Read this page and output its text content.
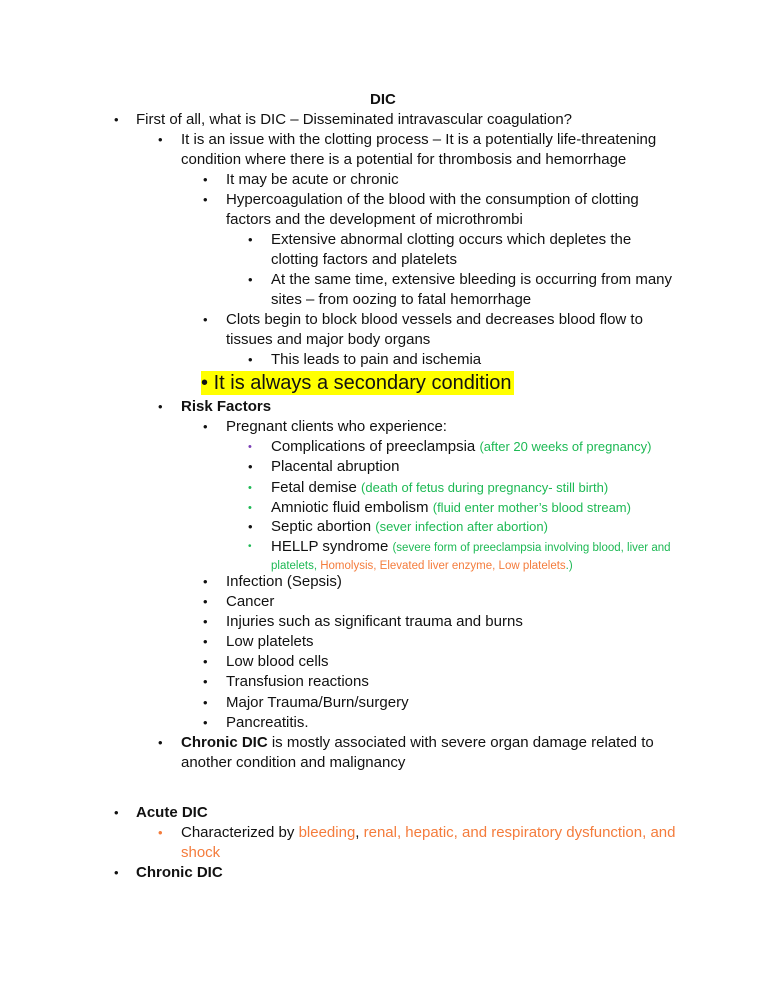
DIC
• First of all, what is DIC – Disseminated intravascular coagulation?
• It is an issue with the clotting process – It is a potentially life-threatening
condition where there is a potential for thrombosis and hemorrhage
• It may be acute or chronic
• Hypercoagulation of the blood with the consumption of clotting
factors and the development of microthrombi
• Extensive abnormal clotting occurs which depletes the
clotting factors and platelets
• At the same time, extensive bleeding is occurring from many
sites – from oozing to fatal hemorrhage
• Clots begin to block blood vessels and decreases blood flow to
tissues and major body organs
• This leads to pain and ischemia
• It is always a secondary condition
• Risk Factors
• Pregnant clients who experience:
• Complications of preeclampsia (after 20 weeks of pregnancy)
• Placental abruption
• Fetal demise (death of fetus during pregnancy- still birth)
• Amniotic fluid embolism (fluid enter mother’s blood stream)
• Septic abortion (sever infection after abortion)
• HELLP syndrome (severe form of preeclampsia involving blood, liver and
platelets, Homolysis, Elevated liver enzyme, Low platelets.)
• Infection (Sepsis)
• Cancer
• Injuries such as significant trauma and burns
• Low platelets
• Low blood cells
• Transfusion reactions
• Major Trauma/Burn/surgery
• Pancreatitis.
• Chronic DIC is mostly associated with severe organ damage related to
another condition and malignancy
• Acute DIC
• Characterized by bleeding, renal, hepatic, and respiratory dysfunction, and
shock
• Chronic DIC
